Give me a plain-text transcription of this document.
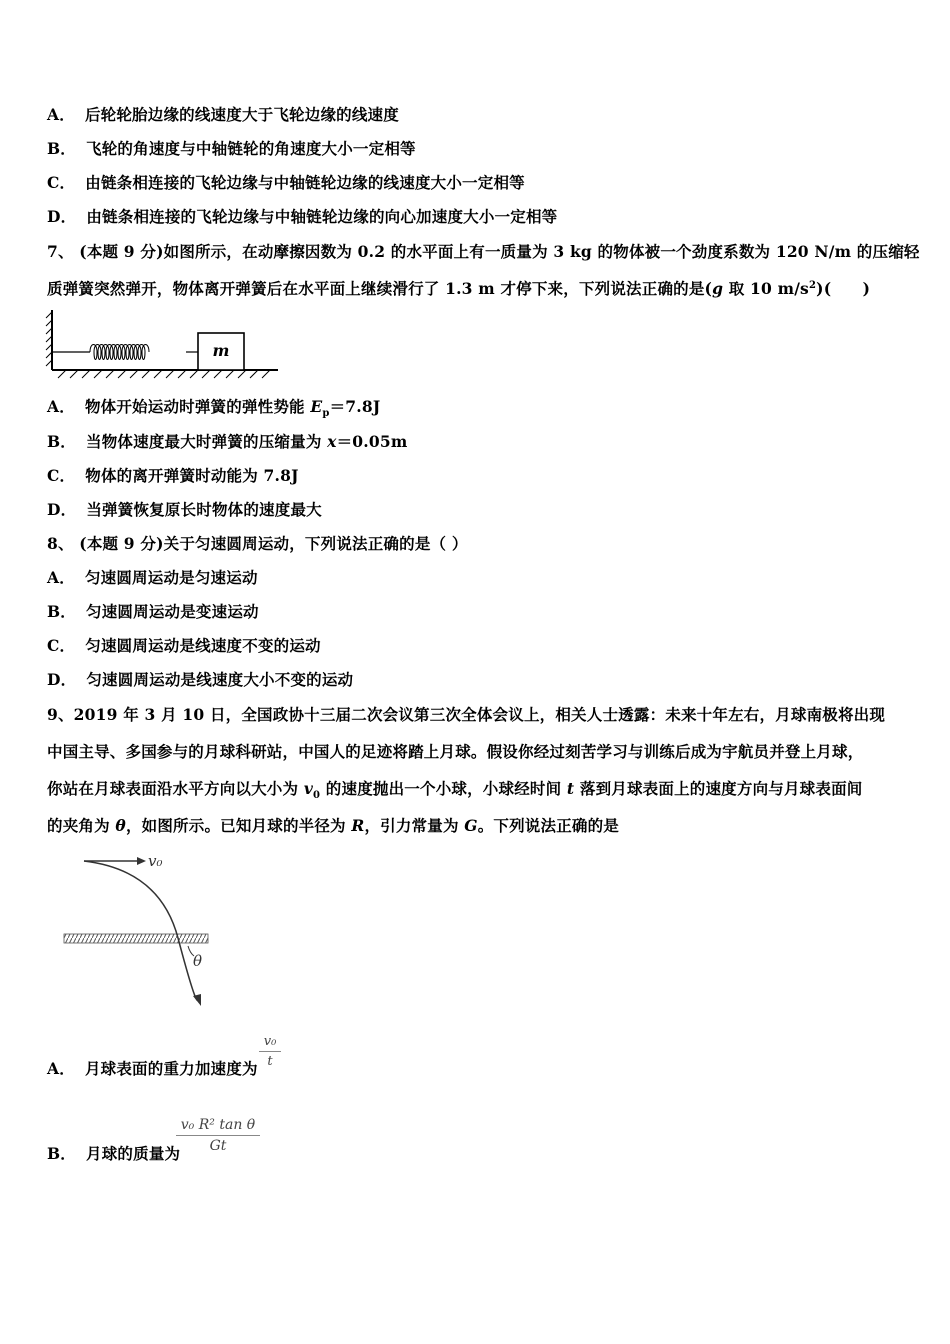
A． 后轮轮胎边缘的线速度大于飞轮边缘的线速度
B． 飞轮的角速度与中轴链轮的角速度大小一定相等
C． 由链条相连接的飞轮边缘与中轴链轮边缘的线速度大小一定相等
D． 由链条相连接的飞轮边缘与中轴链轮边缘的向心加速度大小一定相等
7、 (本题 9 分)如图所示，在动摩擦因数为 0.2 的水平面上有一质量为 3 kg 的物体被一个劲度系数为 120 N/m 的压缩轻
质弹簧突然弹开，物体离开弹簧后在水平面上继续滑行了 1.3 m 才停下来，下列说法正确的是(g 取 10 $m/s^2$)(　　)
m
A． 物体开始运动时弹簧的弹性势能 $E_p=7.8J$
B． 当物体速度最大时弹簧的压缩量为 x＝0.05m
C． 物体的离开弹簧时动能为 7.8J
D． 当弹簧恢复原长时物体的速度最大
8、 (本题 9 分)关于匀速圆周运动，下列说法正确的是（ ）
A． 匀速圆周运动是匀速运动
B． 匀速圆周运动是变速运动
C． 匀速圆周运动是线速度不变的运动
D． 匀速圆周运动是线速度大小不变的运动
9、2019 年 3 月 10 日，全国政协十三届二次会议第三次全体会议上，相关人士透露：未来十年左右，月球南极将出现
中国主导、多国参与的月球科研站，中国人的足迹将踏上月球。假设你经过刻苦学习与训练后成为宇航员并登上月球，
你站在月球表面沿水平方向以大小为 $v_0$ 的速度抛出一个小球，小球经时间 t 落到月球表面上的速度方向与月球表面间
的夹角为 θ，如图所示。已知月球的半径为 R，引力常量为 G。下列说法正确的是
v₀
θ
A． 月球表面的重力加速度为
v₀
t
B． 月球的质量为
v₀ R² tan θ
Gt
